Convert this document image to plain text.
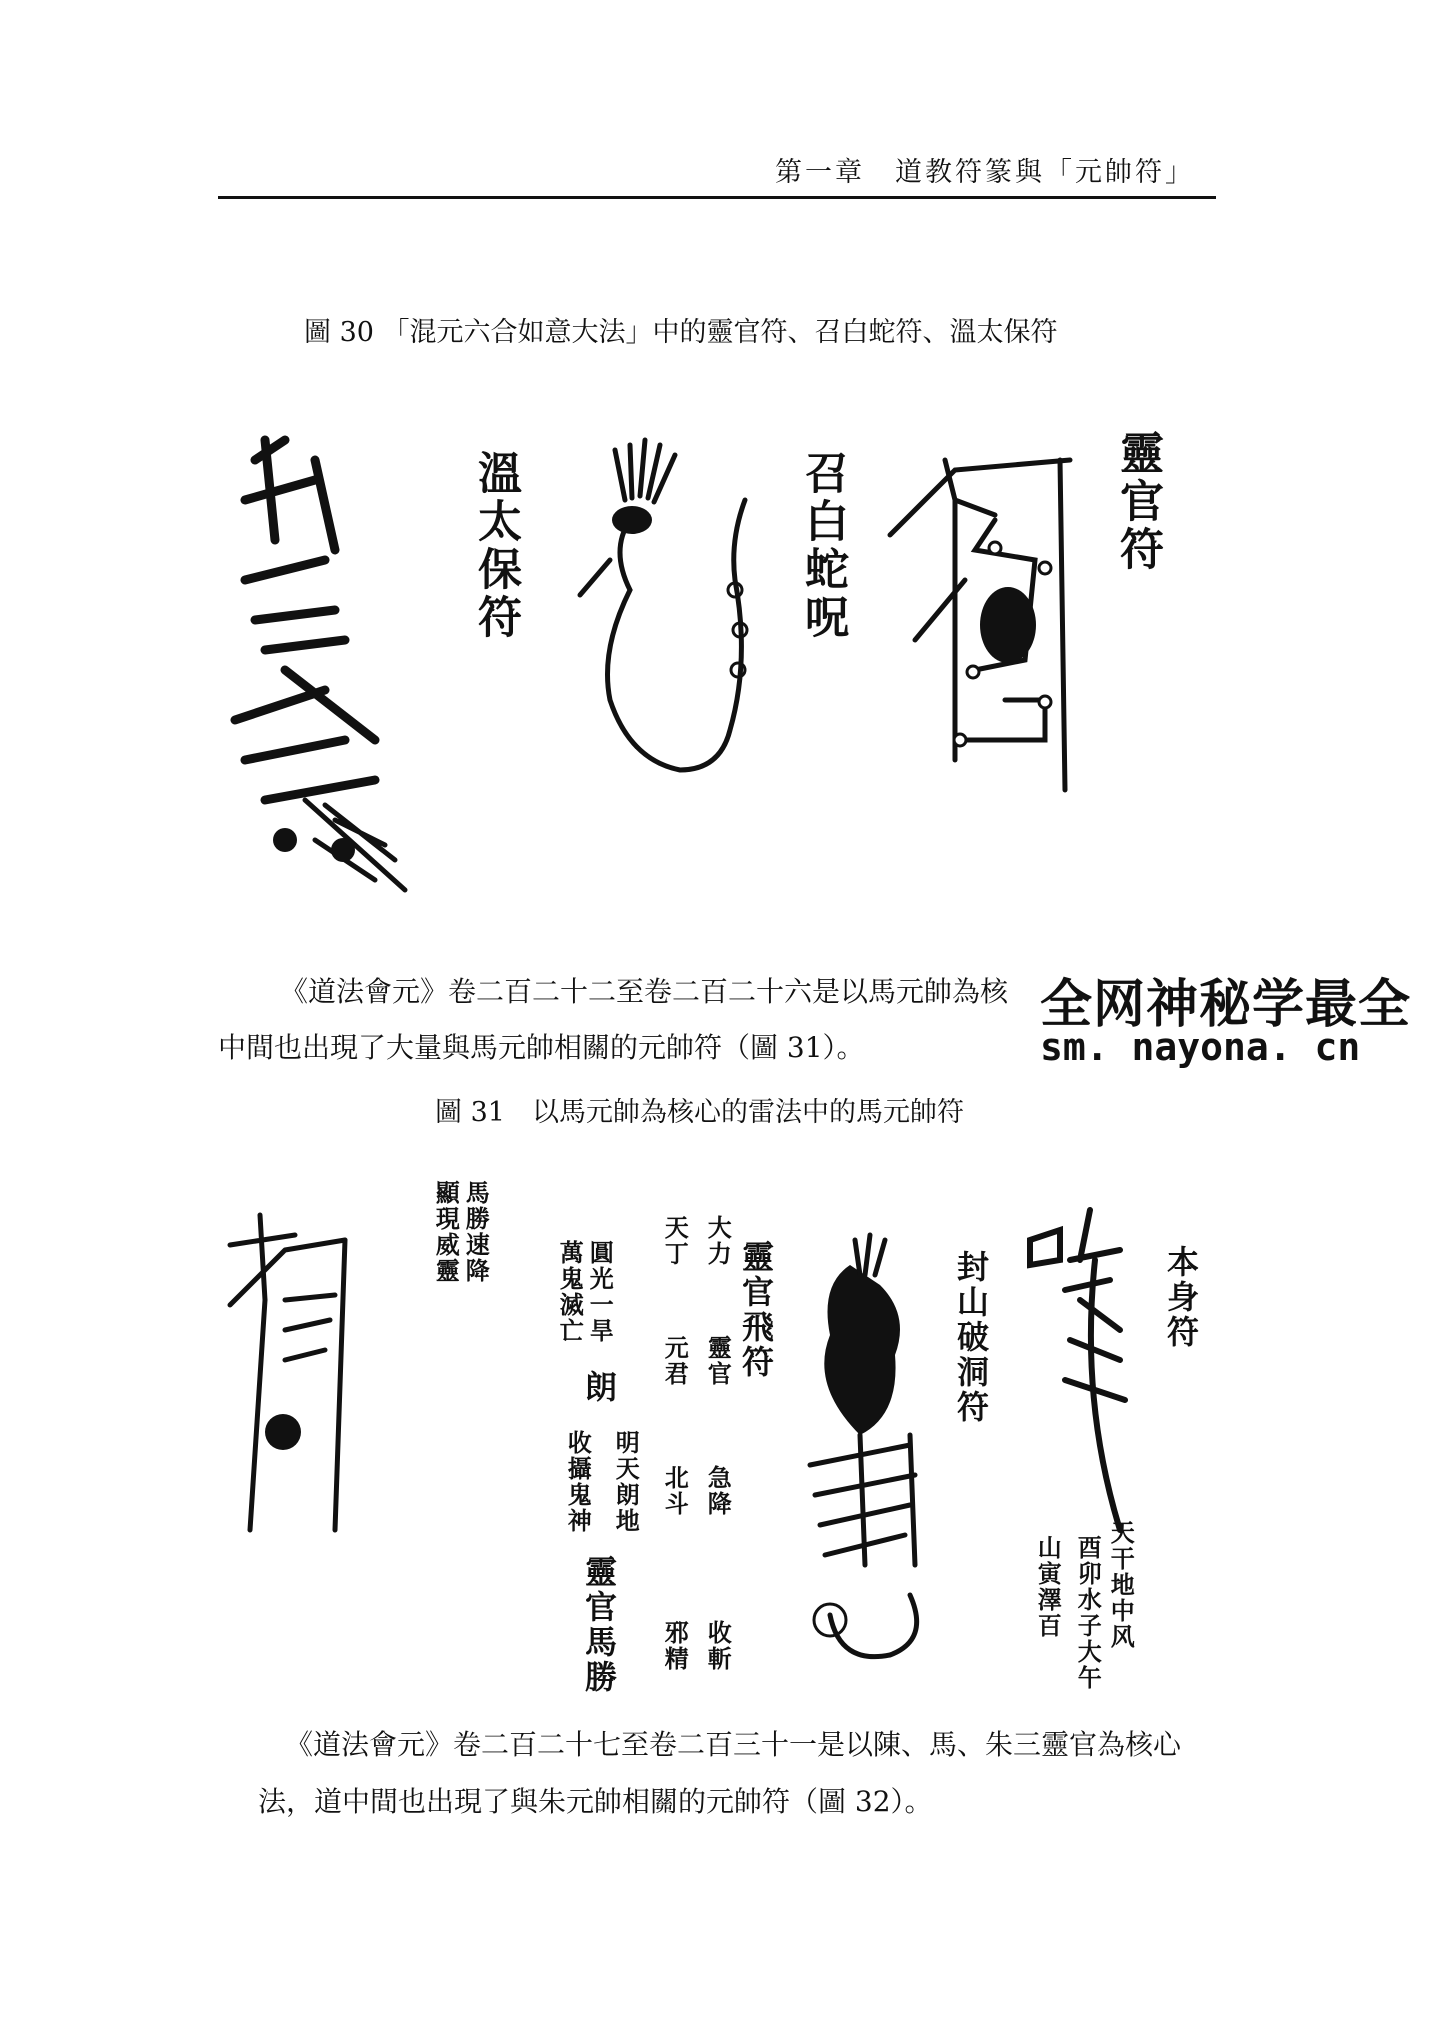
第一章　道教符篆與「元帥符」
圖 30 「混元六合如意大法」中的靈官符、召白蛇符、溫太保符
靈官符
召白蛇呪
溫太保符
《道法會元》卷二百二十二至卷二百二十六是以馬元帥為核
中間也出現了大量與馬元帥相關的元帥符（圖 31）。
全网神秘学最全
sm. nayona. cn
圖 31　以馬元帥為核心的雷法中的馬元帥符
本身符
封山破洞符
靈官飛符
馬勝速降
顯現威靈
圓光一旱
萬鬼滅亡
朗
明天朗地
收攝鬼神
靈官馬勝
大力
天丁
靈官
元君
急降
北斗
收斬
邪精	天干地中风
酉卯水子大午
山寅澤百
《道法會元》卷二百二十七至卷二百三十一是以陳、馬、朱三靈官為核心
法，道中間也出現了與朱元帥相關的元帥符（圖 32）。
